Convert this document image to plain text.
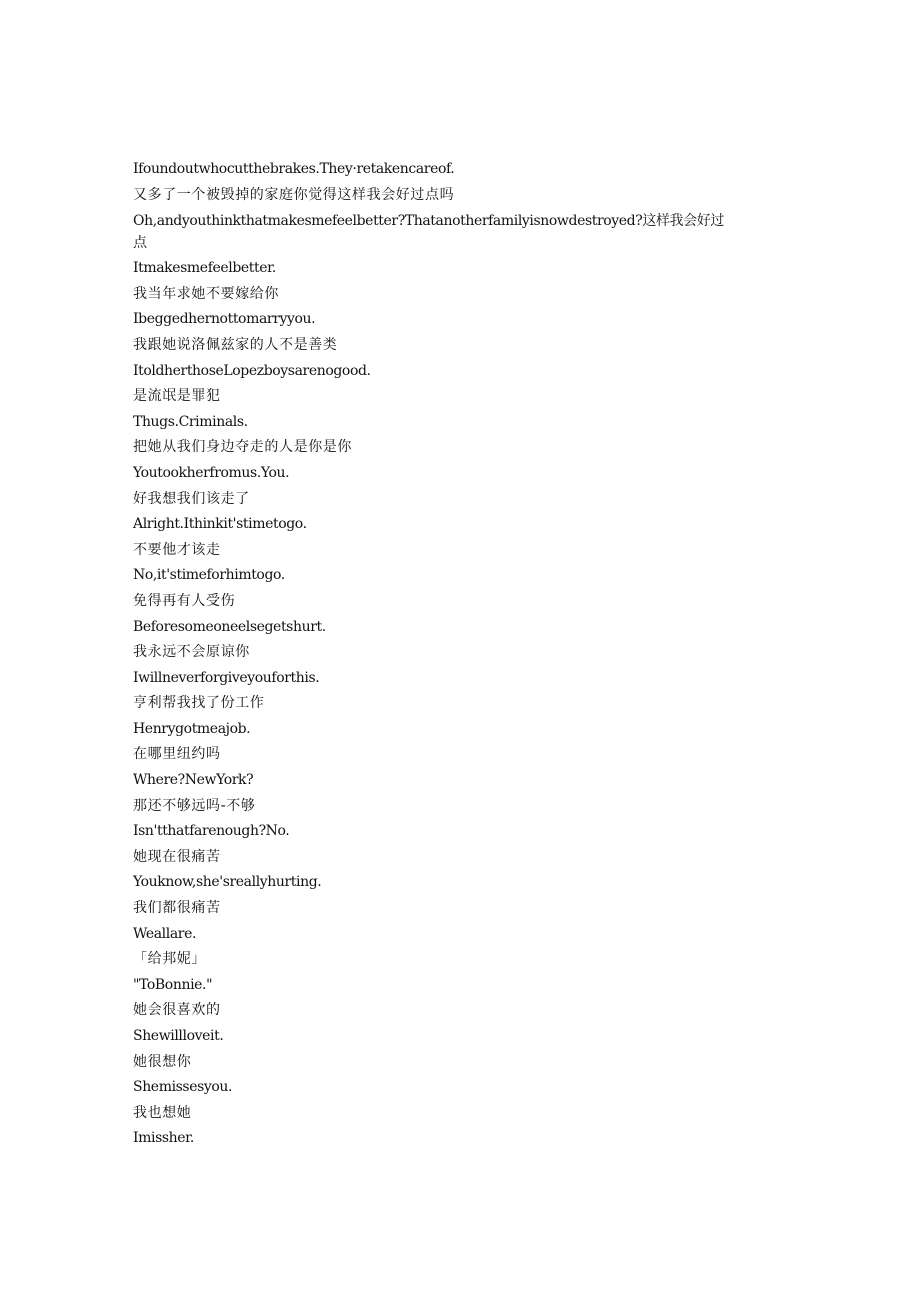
Ifoundoutwhocutthebrakes.They·retakencareof.
又多了一个被毁掉的家庭你觉得这样我会好过点吗
Oh,andyouthinkthatmakesmefeelbetter?Thatanotherfamilyisnowdestroyed?这样我会好过点
Itmakesmefeelbetter.
我当年求她不要嫁给你
Ibeggedhernottomarryyou.
我跟她说洛佩兹家的人不是善类
ItoldherthoseLopezboysarenogood.
是流氓是罪犯
Thugs.Criminals.
把她从我们身边夺走的人是你是你
Youtookherfromus.You.
好我想我们该走了
Alright.Ithinkit'stimetogo.
不要他才该走
No,it'stimeforhimtogo.
免得再有人受伤
Beforesomeoneelsegetshurt.
我永远不会原谅你
Iwillneverforgiveyouforthis.
亨利帮我找了份工作
Henrygotmeajob.
在哪里纽约吗
Where?NewYork?
那还不够远吗-不够
Isn'tthatfarenough?No.
她现在很痛苦
Youknow,she'sreallyhurting.
我们都很痛苦
Weallare.
「给邦妮」
"ToBonnie."
她会很喜欢的
Shewillloveit.
她很想你
Shemissesyou.
我也想她
Imissher.
